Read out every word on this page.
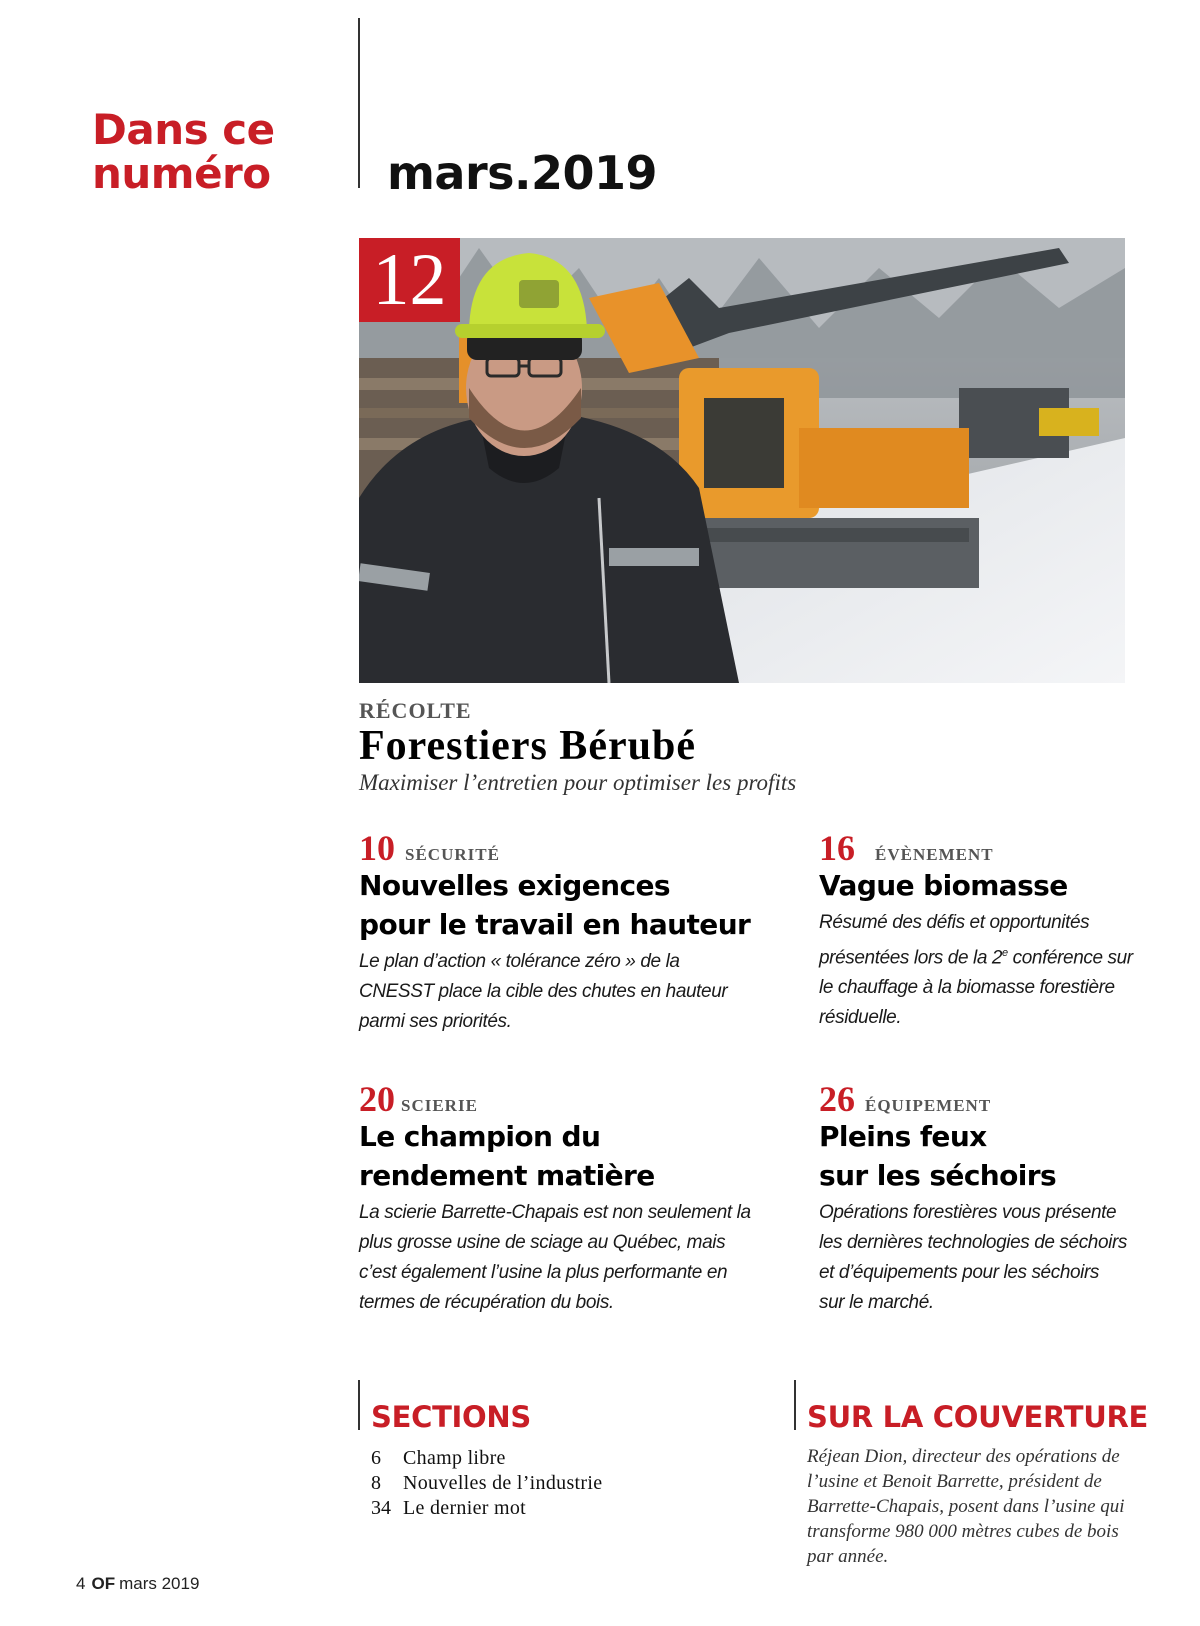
Dans ce
numéro	mars.2019
12
RÉCOLTE
Forestiers Bérubé
Maximiser l’entretien pour optimiser les profits
10 SÉCURITÉ
Nouvelles exigences
pour le travail en hauteur
Le plan d’action « tolérance zéro » de la CNESST place la cible des chutes en hauteur parmi ses priorités.
16 ÉVÈNEMENT
Vague biomasse
Résumé des défis et opportunités présentées lors de la 2e conférence sur le chauffage à la biomasse forestière résiduelle.
20 SCIERIE
Le champion du
rendement matière
La scierie Barrette-Chapais est non seulement la plus grosse usine de sciage au Québec, mais c’est également l’usine la plus performante en termes de récupération du bois.
26 ÉQUIPEMENT
Pleins feux
sur les séchoirs
Opérations forestières vous présente les dernières technologies de séchoirs et d’équipements pour les séchoirs sur le marché.
SECTIONS
6	Champ libre
8	Nouvelles de l’industrie
34 Le dernier mot
SUR LA COUVERTURE
Réjean Dion, directeur des opérations de l’usine et Benoit Barrette, président de Barrette-Chapais, posent dans l’usine qui transforme 980 000 mètres cubes de bois par année.
4 OF mars 2019
